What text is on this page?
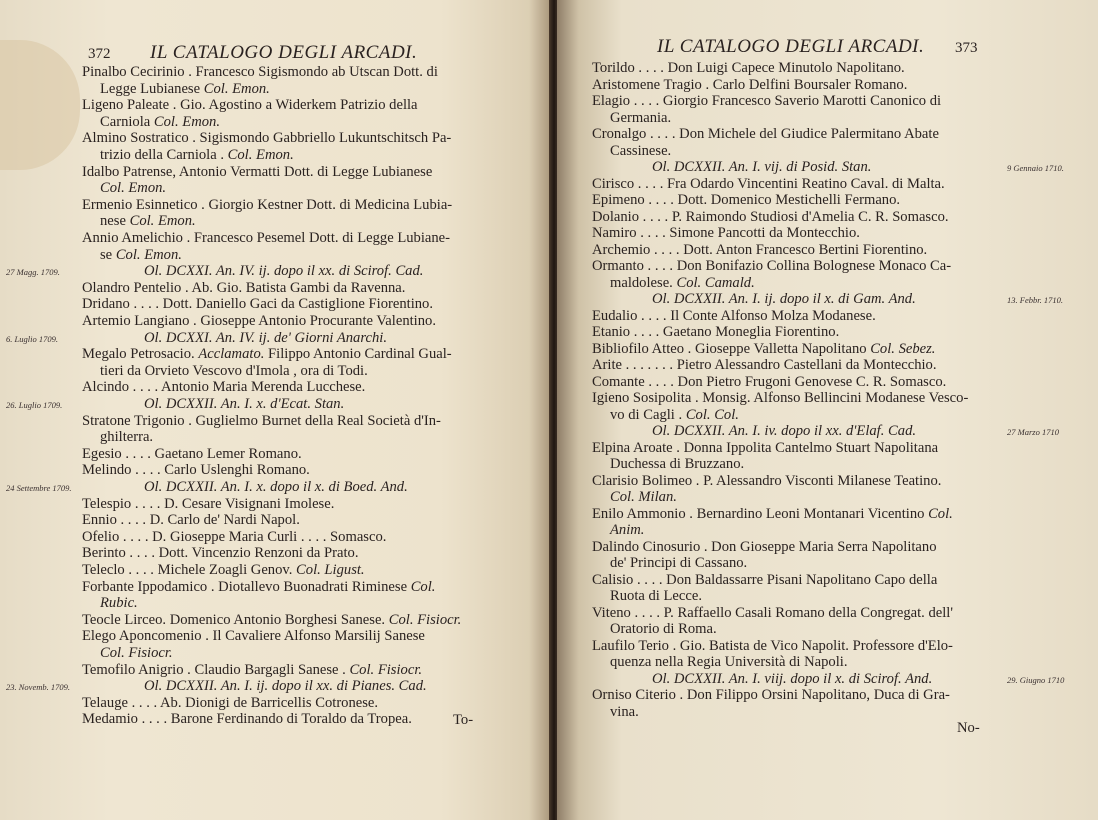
372 IL CATALOGO DEGLI ARCADI.
Pinalbo Cecirinio . Francesco Sigismondo ab Utscan Dott. di
Legge Lubianese Col. Emon.
Ligeno Paleate . Gio. Agostino a Widerkem Patrizio della
Carniola Col. Emon.
Almino Sostratico . Sigismondo Gabbriello Lukuntschitsch Pa-
trizio della Carniola . Col. Emon.
Idalbo Patrense, Antonio Vermatti Dott. di Legge Lubianese
Col. Emon.
Ermenio Esinnetico . Giorgio Kestner Dott. di Medicina Lubia-
nese Col. Emon.
Annio Amelichio . Francesco Pesemel Dott. di Legge Lubiane-
se Col. Emon.
Ol. DCXXI. An. IV. ij. dopo il xx. di Scirof. Cad.
27 Magg. 1709.
Olandro Pentelio . Ab. Gio. Batista Gambi da Ravenna.
Dridano . . . . Dott. Daniello Gaci da Castiglione Fiorentino.
Artemio Langiano . Gioseppe Antonio Procurante Valentino.
Ol. DCXXI. An. IV. ij. de' Giorni Anarchi.
6. Luglio 1709.
Megalo Petrosacio. Acclamato. Filippo Antonio Cardinal Gual-
tieri da Orvieto Vescovo d'Imola , ora di Todi.
Alcindo . . . . Antonio Maria Merenda Lucchese.
Ol. DCXXII. An. I. x. d'Ecat. Stan.
26. Luglio 1709.
Stratone Trigonio . Guglielmo Burnet della Real Società d'In-
ghilterra.
Egesio . . . . Gaetano Lemer Romano.
Melindo . . . . Carlo Uslenghi Romano.
Ol. DCXXII. An. I. x. dopo il x. di Boed. And.
24 Settembre 1709.
Telespio . . . . D. Cesare Visignani Imolese.
Ennio . . . . D. Carlo de' Nardi Napol.
Ofelio . . . . D. Gioseppe Maria Curli . . . . Somasco.
Berinto . . . . Dott. Vincenzio Renzoni da Prato.
Teleclo . . . . Michele Zoagli Genov. Col. Ligust.
Forbante Ippodamico . Diotallevo Buonadrati Riminese Col.
Rubic.
Teocle Lirceo. Domenico Antonio Borghesi Sanese. Col. Fisiocr.
Elego Aponcomenio . Il Cavaliere Alfonso Marsilij Sanese
Col. Fisiocr.
Temofilo Anigrio . Claudio Bargagli Sanese . Col. Fisiocr.
Ol. DCXXII. An. I. ij. dopo il xx. di Pianes. Cad.
23. Novemb. 1709.
Telauge . . . . Ab. Dionigi de Barricellis Cotronese.
Medamio . . . . Barone Ferdinando di Toraldo da Tropea.	To-
IL CATALOGO DEGLI ARCADI. 373
Torildo . . . . Don Luigi Capece Minutolo Napolitano.
Aristomene Tragio . Carlo Delfini Boursaler Romano.
Elagio . . . . Giorgio Francesco Saverio Marotti Canonico di
Germania.
Cronalgo . . . . Don Michele del Giudice Palermitano Abate
Cassinese.
Ol. DCXXII. An. I. vij. di Posid. Stan.	9 Gennaio 1710.
Cirisco . . . . Fra Odardo Vincentini Reatino Caval. di Malta.
Epimeno . . . . Dott. Domenico Mestichelli Fermano.
Dolanio . . . . P. Raimondo Studiosi d'Amelia C. R. Somasco.
Namiro . . . . Simone Pancotti da Montecchio.
Archemio . . . . Dott. Anton Francesco Bertini Fiorentino.
Ormanto . . . . Don Bonifazio Collina Bolognese Monaco Ca-
maldolese. Col. Camald.
Ol. DCXXII. An. I. ij. dopo il x. di Gam. And.	13. Febbr. 1710.
Eudalio . . . . Il Conte Alfonso Molza Modanese.
Etanio . . . . Gaetano Moneglia Fiorentino.
Bibliofilo Atteo . Gioseppe Valletta Napolitano Col. Sebez.
Arite . . . . . . . Pietro Alessandro Castellani da Montecchio.
Comante . . . . Don Pietro Frugoni Genovese C. R. Somasco.
Igieno Sosipolita . Monsig. Alfonso Bellincini Modanese Vesco-
vo di Cagli . Col. Col.
Ol. DCXXII. An. I. iv. dopo il xx. d'Elaf. Cad.	27 Marzo 1710
Elpina Aroate . Donna Ippolita Cantelmo Stuart Napolitana
Duchessa di Bruzzano.
Clarisio Bolimeo . P. Alessandro Visconti Milanese Teatino.
Col. Milan.
Enilo Ammonio . Bernardino Leoni Montanari Vicentino Col.
Anim.
Dalindo Cinosurio . Don Gioseppe Maria Serra Napolitano
de' Principi di Cassano.
Calisio . . . . Don Baldassarre Pisani Napolitano Capo della
Ruota di Lecce.
Viteno . . . . P. Raffaello Casali Romano della Congregat. dell'
Oratorio di Roma.
Laufilo Terio . Gio. Batista de Vico Napolit. Professore d'Elo-
quenza nella Regia Università di Napoli.
Ol. DCXXII. An. I. viij. dopo il x. di Scirof. And.	29. Giugno 1710
Orniso Citerio . Don Filippo Orsini Napolitano, Duca di Gra-
vina.
No-
